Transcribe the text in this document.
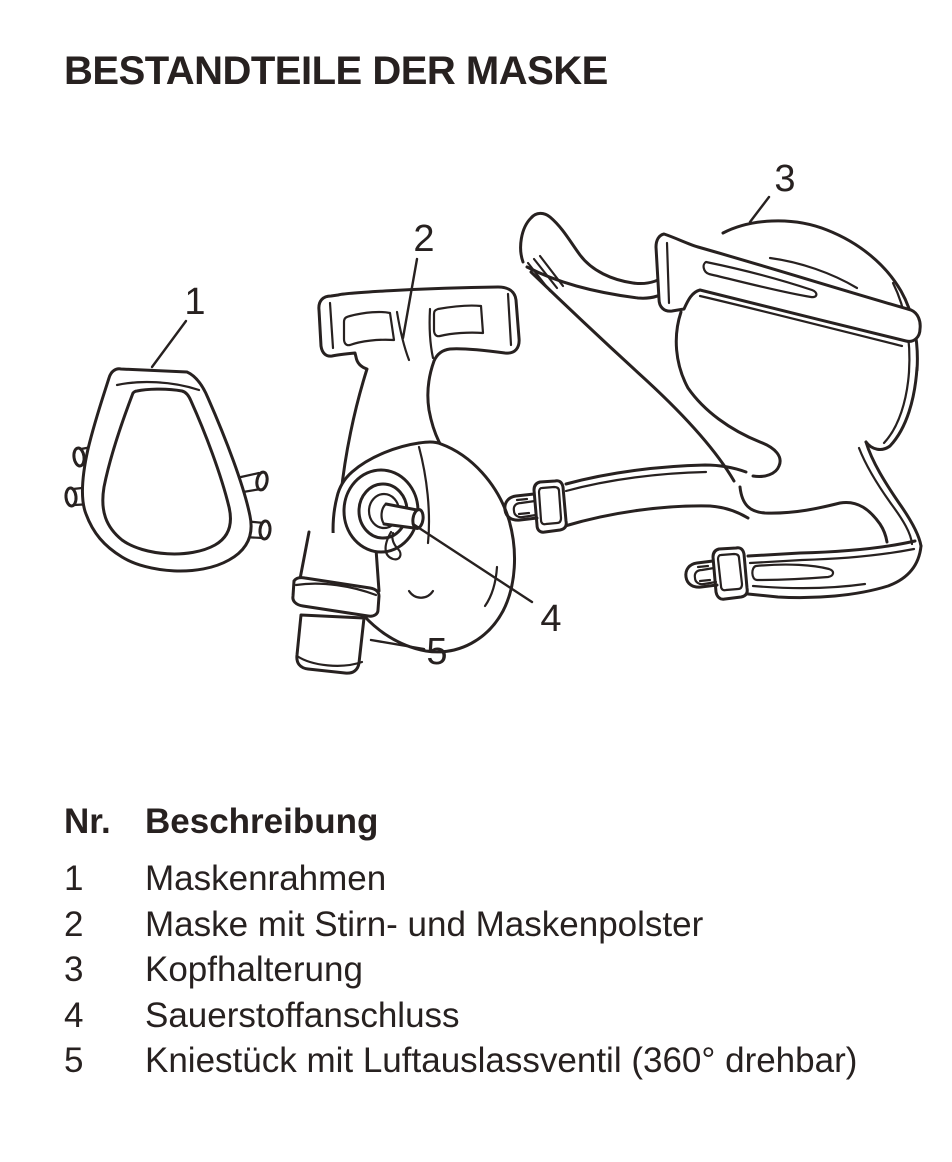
BESTANDTEILE DER MASKE
1
2
3
4
5
Nr. Beschreibung
1	Maskenrahmen
2	Maske mit Stirn- und Maskenpolster
3	Kopfhalterung
4	Sauerstoffanschluss
5	Kniestück mit Luftauslassventil (360° drehbar)
